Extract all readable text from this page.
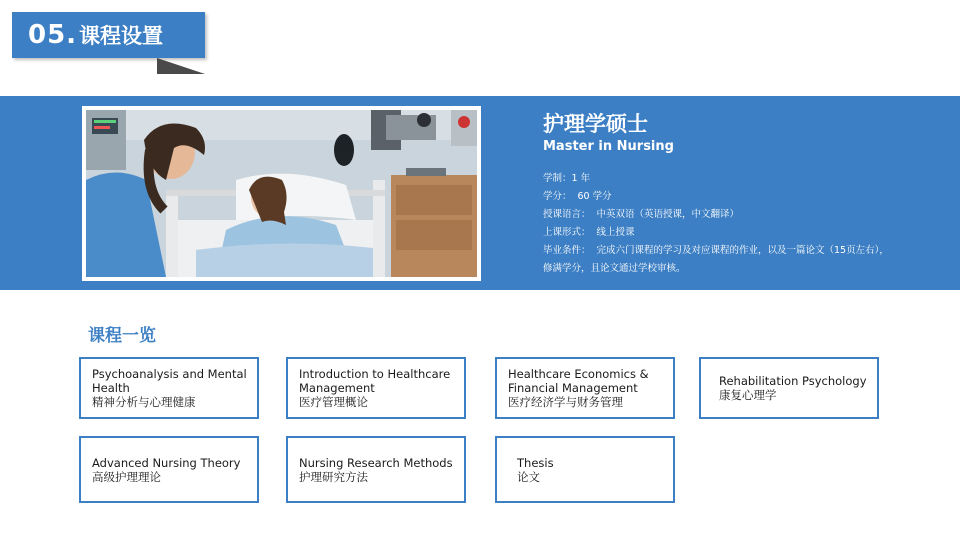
05. 课程设置
护理学硕士
Master in Nursing
学制：1 年
学分： 60 学分
授课语言： 中英双语（英语授课，中文翻译）
上课形式： 线上授课
毕业条件： 完成六门课程的学习及对应课程的作业，以及一篇论文（15页左右），
修满学分，且论文通过学校审核。
课程一览
Psychoanalysis and Mental Health
精神分析与心理健康
Introduction to Healthcare Management
医疗管理概论
Healthcare Economics & Financial Management
医疗经济学与财务管理
Rehabilitation Psychology
康复心理学
Advanced Nursing Theory
高级护理理论
Nursing Research Methods
护理研究方法
Thesis
论文
